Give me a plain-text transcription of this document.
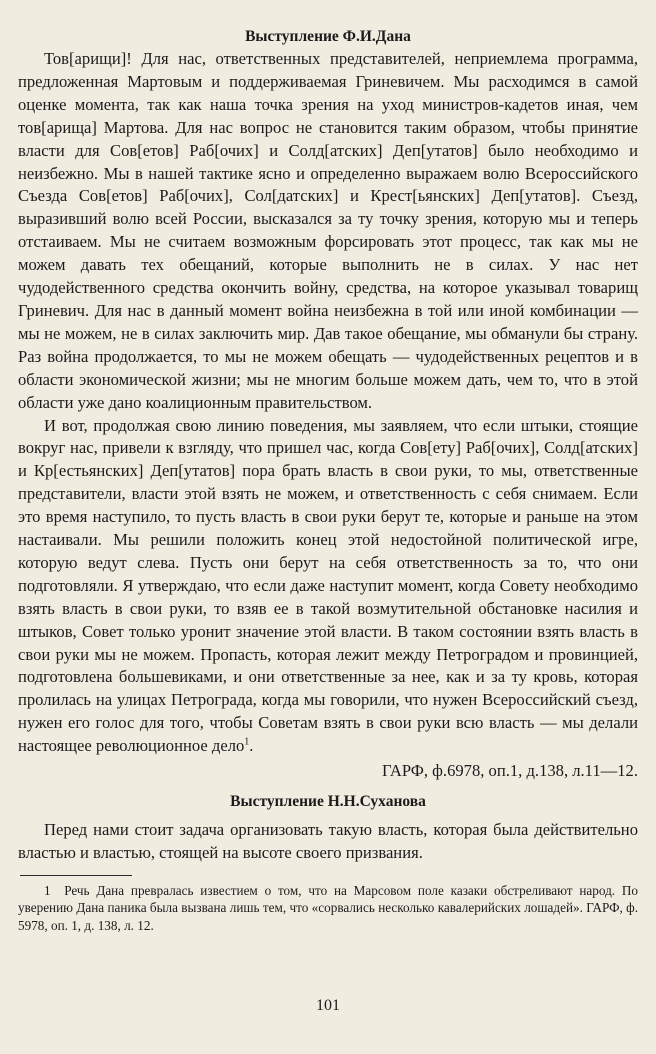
Выступление Ф.И.Дана

Тов[арищи]! Для нас, ответственных представителей, неприемлема программа, предложенная Мартовым и поддерживаемая Гриневичем. Мы расходимся в самой оценке момента, так как наша точка зрения на уход министров-кадетов иная, чем тов[арища] Мартова. Для нас вопрос не становится таким образом, чтобы принятие власти для Сов[етов] Раб[очих] и Солд[атских] Деп[утатов] было необходимо и неизбежно. Мы в нашей тактике ясно и определенно выражаем волю Всероссийского Съезда Сов[етов] Раб[очих], Сол[датских] и Крест[ьянских] Деп[утатов]. Съезд, выразивший волю всей России, высказался за ту точку зрения, которую мы и теперь отстаиваем. Мы не считаем возможным форсировать этот процесс, так как мы не можем давать тех обещаний, которые выполнить не в силах. У нас нет чудодейственного средства окончить войну, средства, на которое указывал товарищ Гриневич. Для нас в данный момент война неизбежна в той или иной комбинации — мы не можем, не в силах заключить мир. Дав такое обещание, мы обманули бы страну. Раз война продолжается, то мы не можем обещать — чудодейственных рецептов и в области экономической жизни; мы не многим больше можем дать, чем то, что в этой области уже дано коалиционным правительством.

И вот, продолжая свою линию поведения, мы заявляем, что если штыки, стоящие вокруг нас, привели к взгляду, что пришел час, когда Сов[ету] Раб[очих], Солд[атских] и Кр[естьянских] Деп[утатов] пора брать власть в свои руки, то мы, ответственные представители, власти этой взять не можем, и ответственность с себя снимаем. Если это время наступило, то пусть власть в свои руки берут те, которые и раньше на этом настаивали. Мы решили положить конец этой недостойной политической игре, которую ведут слева. Пусть они берут на себя ответственность за то, что они подготовляли. Я утверждаю, что если даже наступит момент, когда Совету необходимо взять власть в свои руки, то взяв ее в такой возмутительной обстановке насилия и штыков, Совет только уронит значение этой власти. В таком состоянии взять власть в свои руки мы не можем. Пропасть, которая лежит между Петроградом и провинцией, подготовлена большевиками, и они ответственные за нее, как и за ту кровь, которая пролилась на улицах Петрограда, когда мы говорили, что нужен Всероссийский съезд, нужен его голос для того, чтобы Советам взять в свои руки всю власть — мы делали настоящее революционное дело$^1$.

ГАРФ, ф.6978, оп.1, д.138, л.11—12.

Выступление Н.Н.Суханова

Перед нами стоит задача организовать такую власть, которая была действительно властью и властью, стоящей на высоте своего призвания.

1 Речь Дана превралась известием о том, что на Марсовом поле казаки обстреливают народ. По уверению Дана паника была вызвана лишь тем, что «сорвались несколько кавалерийских лошадей». ГАРФ, ф. 5978, оп. 1, д. 138, л. 12.

101
